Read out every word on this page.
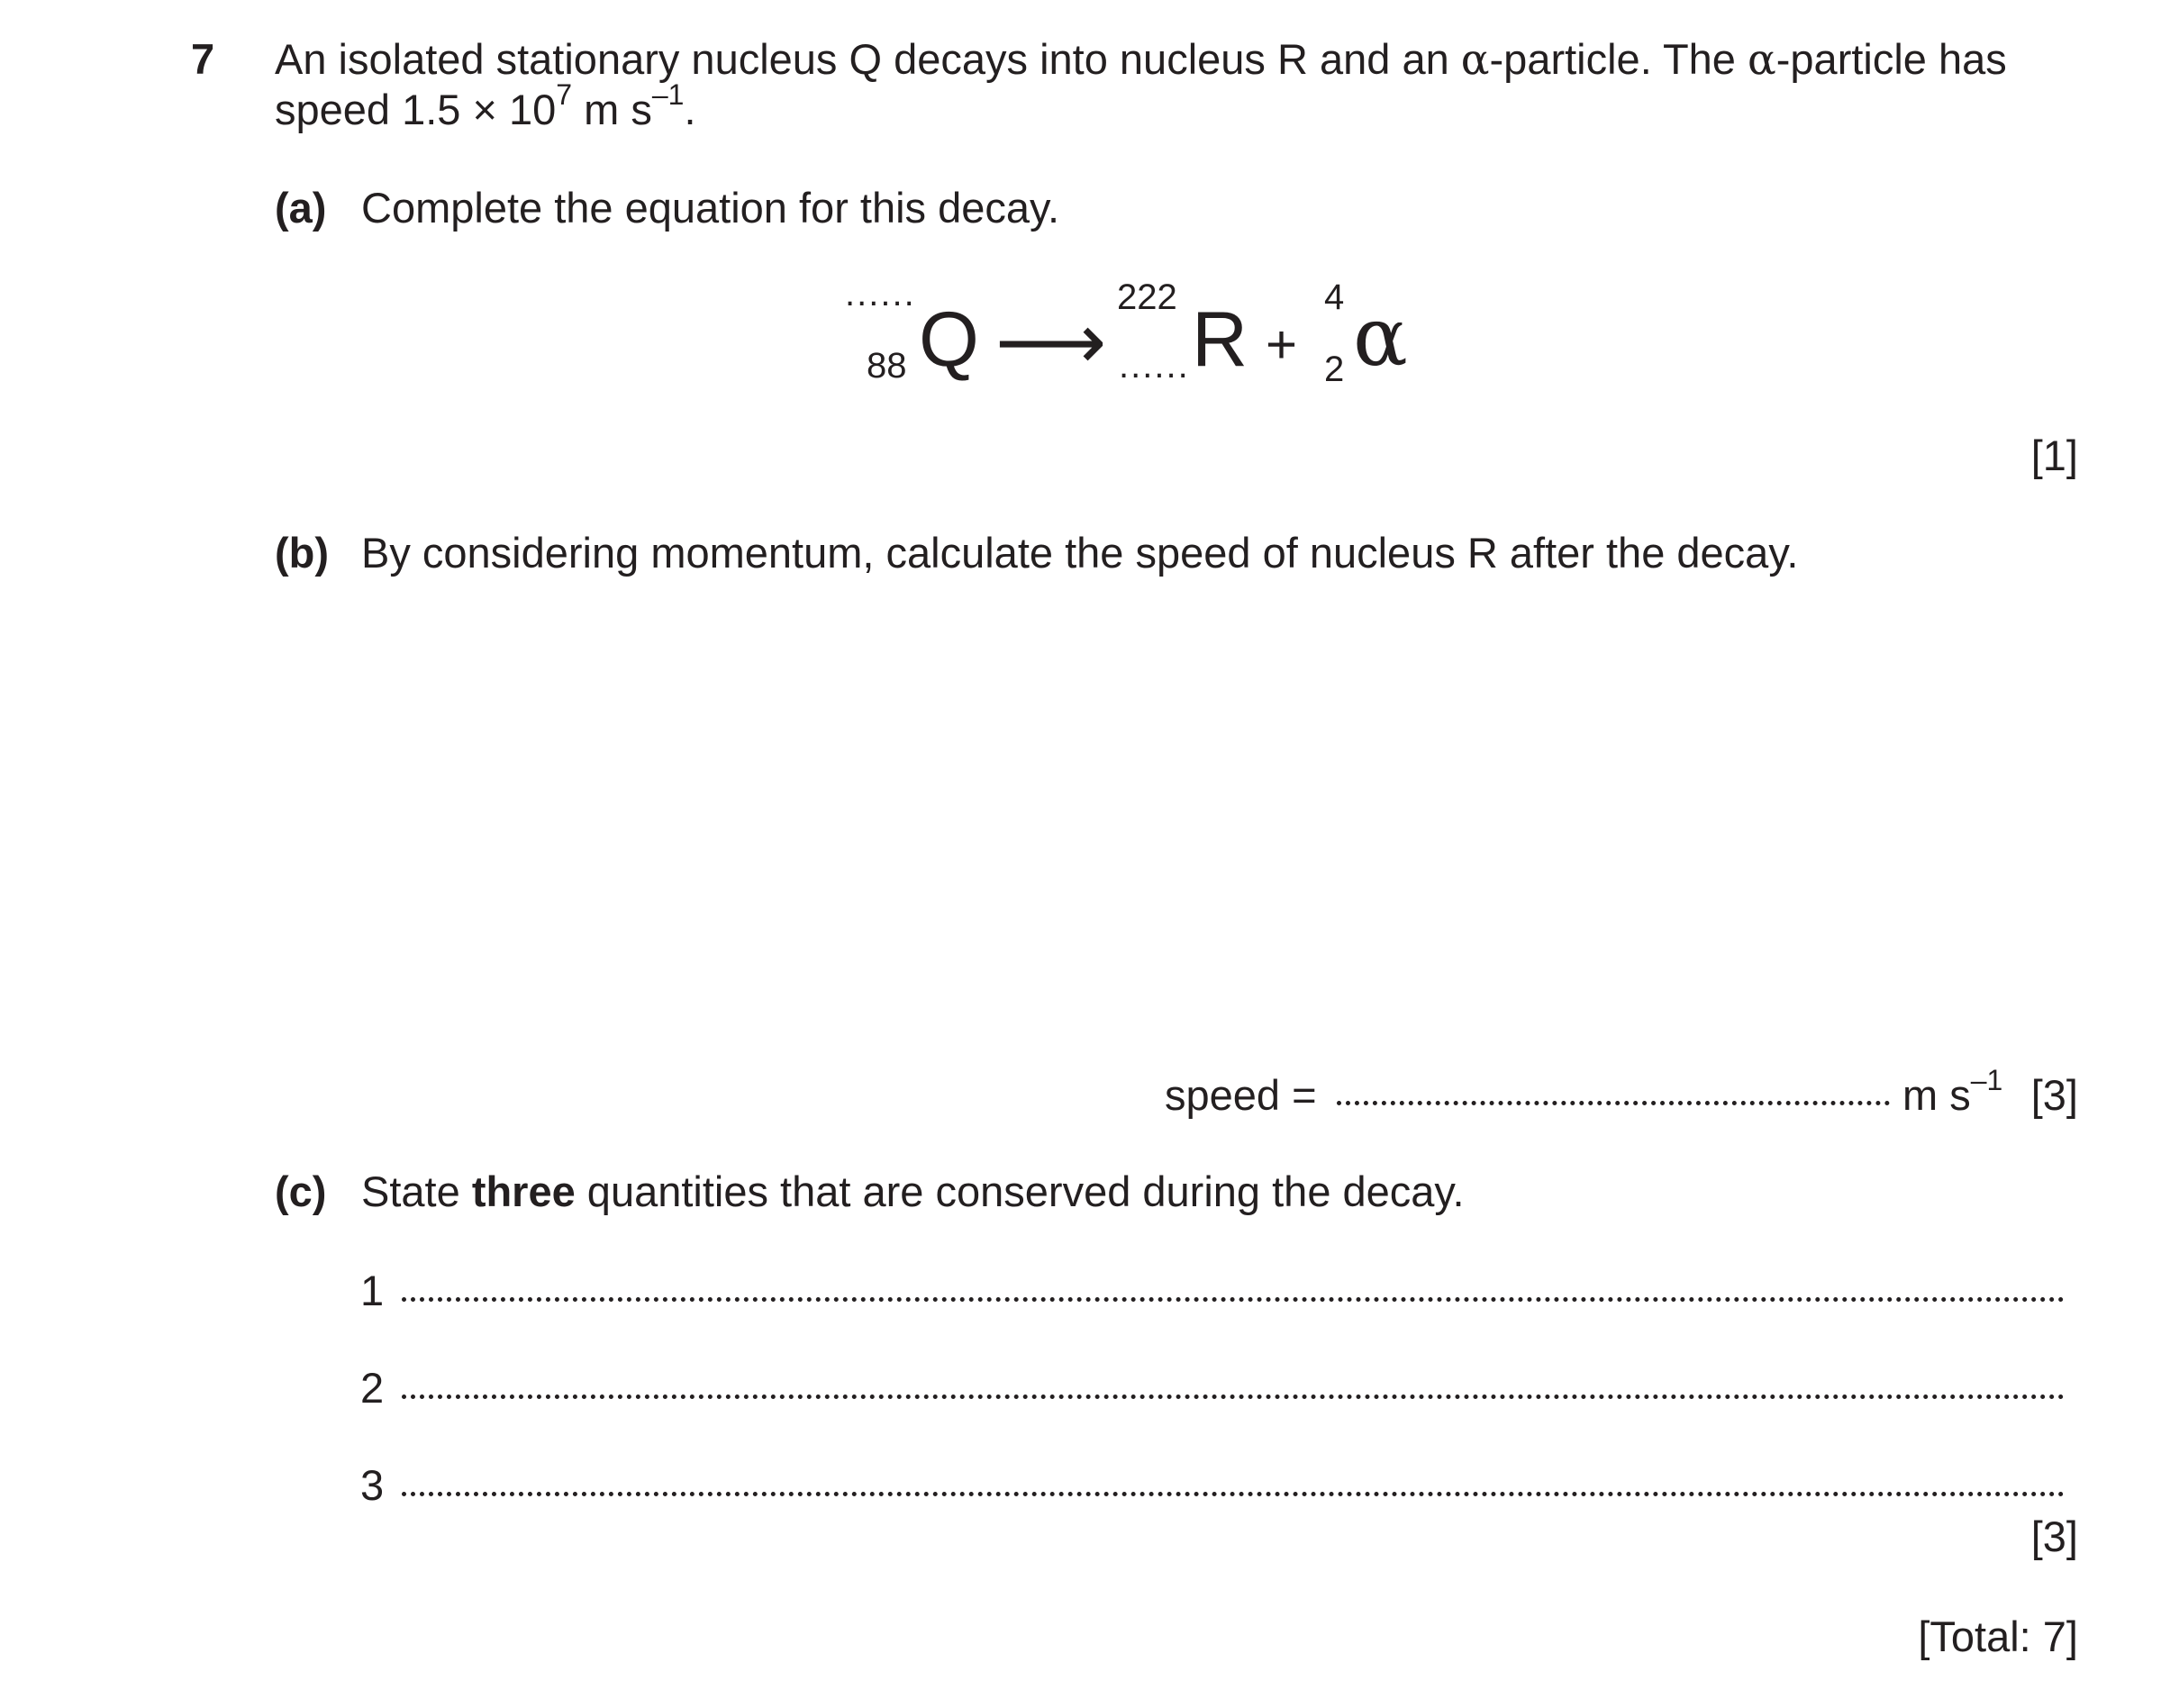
7 An isolated stationary nucleus Q decays into nucleus R and an α-particle. The α-particle has
speed $1.5 \times 10^7$ m $s^{-1}$.
(a) Complete the equation for this decay.
......
88 Q ⟶ 222
...... R +
4
2 α
[1]
(b) By considering momentum, calculate the speed of nucleus R after the decay.
speed =	m $s^{-1}$ [3]
(c) State three quantities that are conserved during the decay.
1
2
3
[3]
[Total: 7]
